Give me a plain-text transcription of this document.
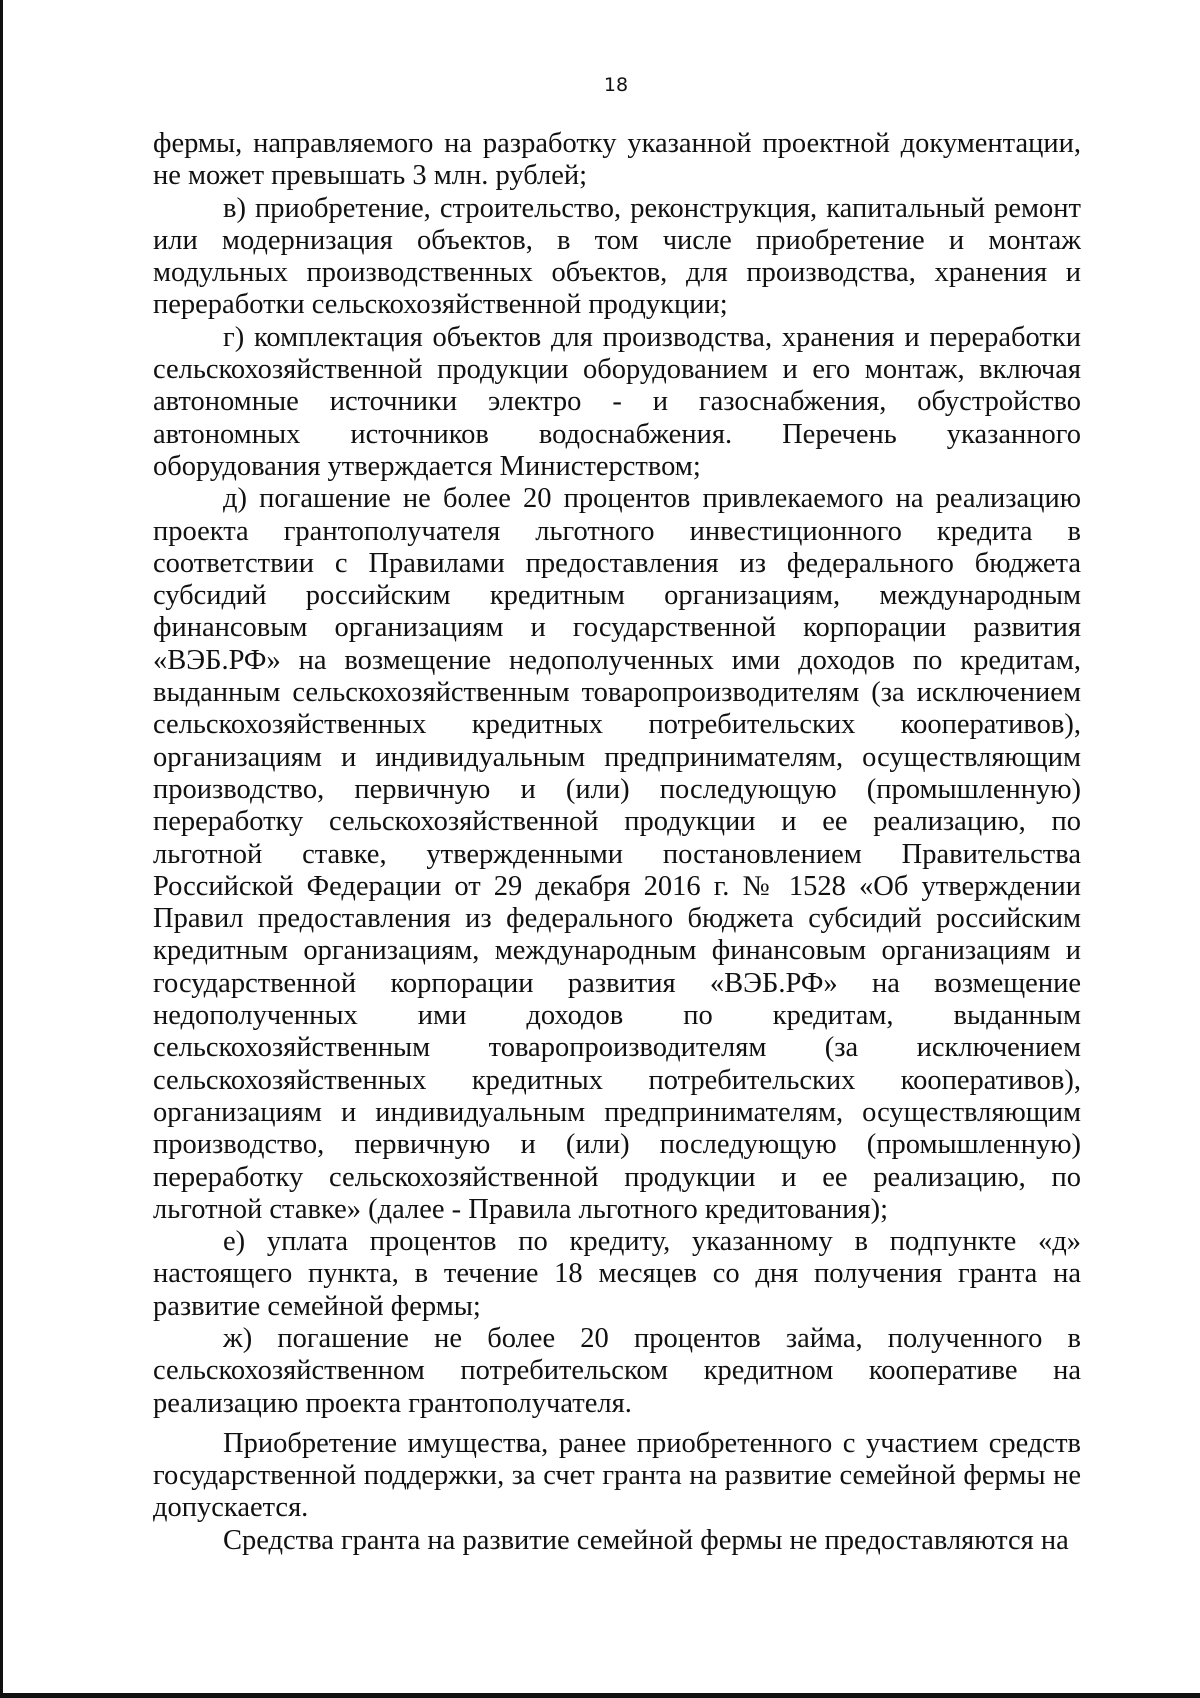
18

фермы, направляемого на разработку указанной проектной документации, не может превышать 3 млн. рублей;

в) приобретение, строительство, реконструкция, капитальный ремонт или модернизация объектов, в том числе приобретение и монтаж модульных производственных объектов, для производства, хранения и переработки сельскохозяйственной продукции;

г) комплектация объектов для производства, хранения и переработки сельскохозяйственной продукции оборудованием и его монтаж, включая автономные источники электро - и газоснабжения, обустройство автономных источников водоснабжения. Перечень указанного оборудования утверждается Министерством;

д) погашение не более 20 процентов привлекаемого на реализацию проекта грантополучателя льготного инвестиционного кредита в соответствии с Правилами предоставления из федерального бюджета субсидий российским кредитным организациям, международным финансовым организациям и государственной корпорации развития «ВЭБ.РФ» на возмещение недополученных ими доходов по кредитам, выданным сельскохозяйственным товаропроизводителям (за исключением сельскохозяйственных кредитных потребительских кооперативов), организациям и индивидуальным предпринимателям, осуществляющим производство, первичную и (или) последующую (промышленную) переработку сельскохозяйственной продукции и ее реализацию, по льготной ставке, утвержденными постановлением Правительства Российской Федерации от 29 декабря 2016 г. № 1528 «Об утверждении Правил предоставления из федерального бюджета субсидий российским кредитным организациям, международным финансовым организациям и государственной корпорации развития «ВЭБ.РФ» на возмещение недополученных ими доходов по кредитам, выданным сельскохозяйственным товаропроизводителям (за исключением сельскохозяйственных кредитных потребительских кооперативов), организациям и индивидуальным предпринимателям, осуществляющим производство, первичную и (или) последующую (промышленную) переработку сельскохозяйственной продукции и ее реализацию, по льготной ставке» (далее - Правила льготного кредитования);

е) уплата процентов по кредиту, указанному в подпункте «д» настоящего пункта, в течение 18 месяцев со дня получения гранта на развитие семейной фермы;

ж) погашение не более 20 процентов займа, полученного в сельскохозяйственном потребительском кредитном кооперативе на реализацию проекта грантополучателя.

Приобретение имущества, ранее приобретенного с участием средств государственной поддержки, за счет гранта на развитие семейной фермы не допускается.

Средства гранта на развитие семейной фермы не предоставляются на
